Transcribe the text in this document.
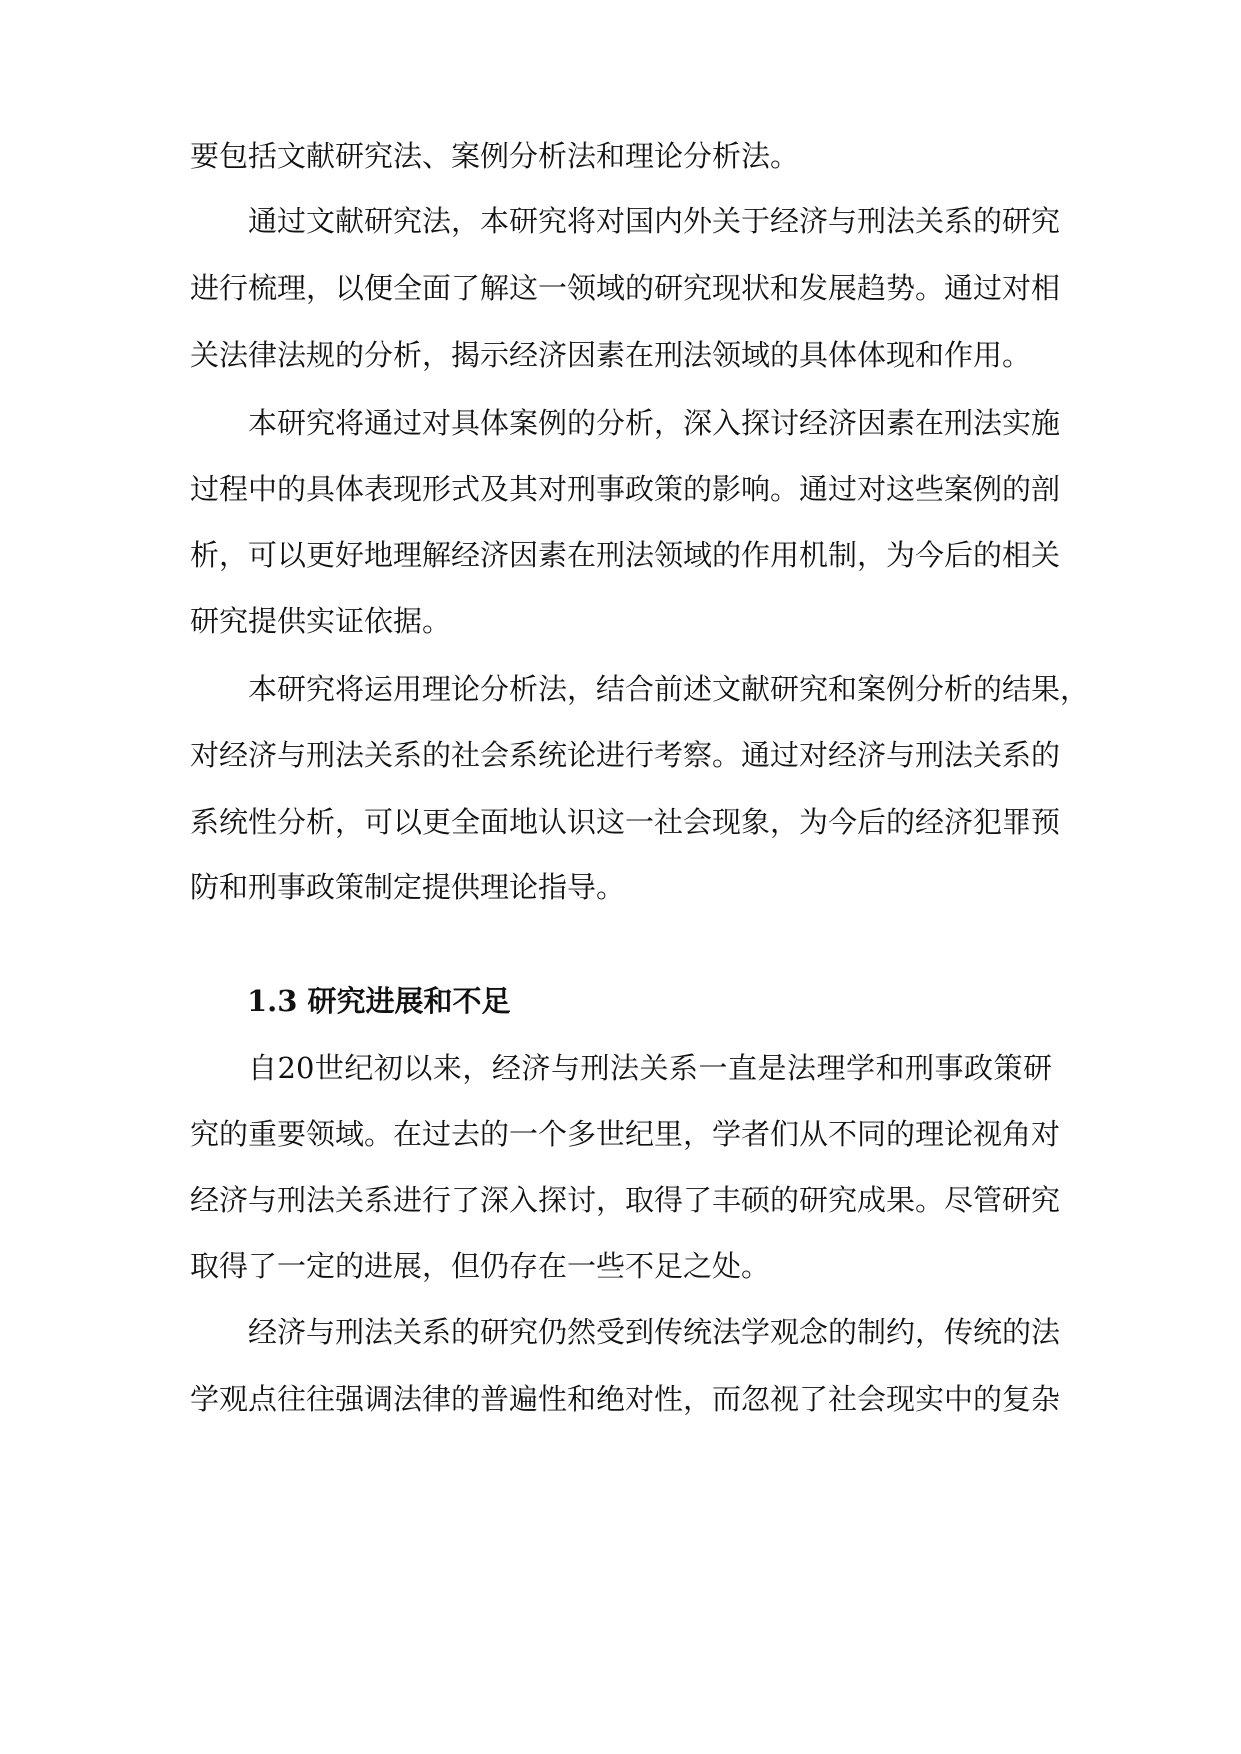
要包括文献研究法、案例分析法和理论分析法。

通过文献研究法，本研究将对国内外关于经济与刑法关系的研究

进行梳理，以便全面了解这一领域的研究现状和发展趋势。通过对相

关法律法规的分析，揭示经济因素在刑法领域的具体体现和作用。

本研究将通过对具体案例的分析，深入探讨经济因素在刑法实施

过程中的具体表现形式及其对刑事政策的影响。通过对这些案例的剖

析，可以更好地理解经济因素在刑法领域的作用机制，为今后的相关

研究提供实证依据。

本研究将运用理论分析法，结合前述文献研究和案例分析的结果，

对经济与刑法关系的社会系统论进行考察。通过对经济与刑法关系的

系统性分析，可以更全面地认识这一社会现象，为今后的经济犯罪预

防和刑事政策制定提供理论指导。

1.3 研究进展和不足

自20世纪初以来，经济与刑法关系一直是法理学和刑事政策研

究的重要领域。在过去的一个多世纪里，学者们从不同的理论视角对

经济与刑法关系进行了深入探讨，取得了丰硕的研究成果。尽管研究

取得了一定的进展，但仍存在一些不足之处。

经济与刑法关系的研究仍然受到传统法学观念的制约，传统的法

学观点往往强调法律的普遍性和绝对性，而忽视了社会现实中的复杂
